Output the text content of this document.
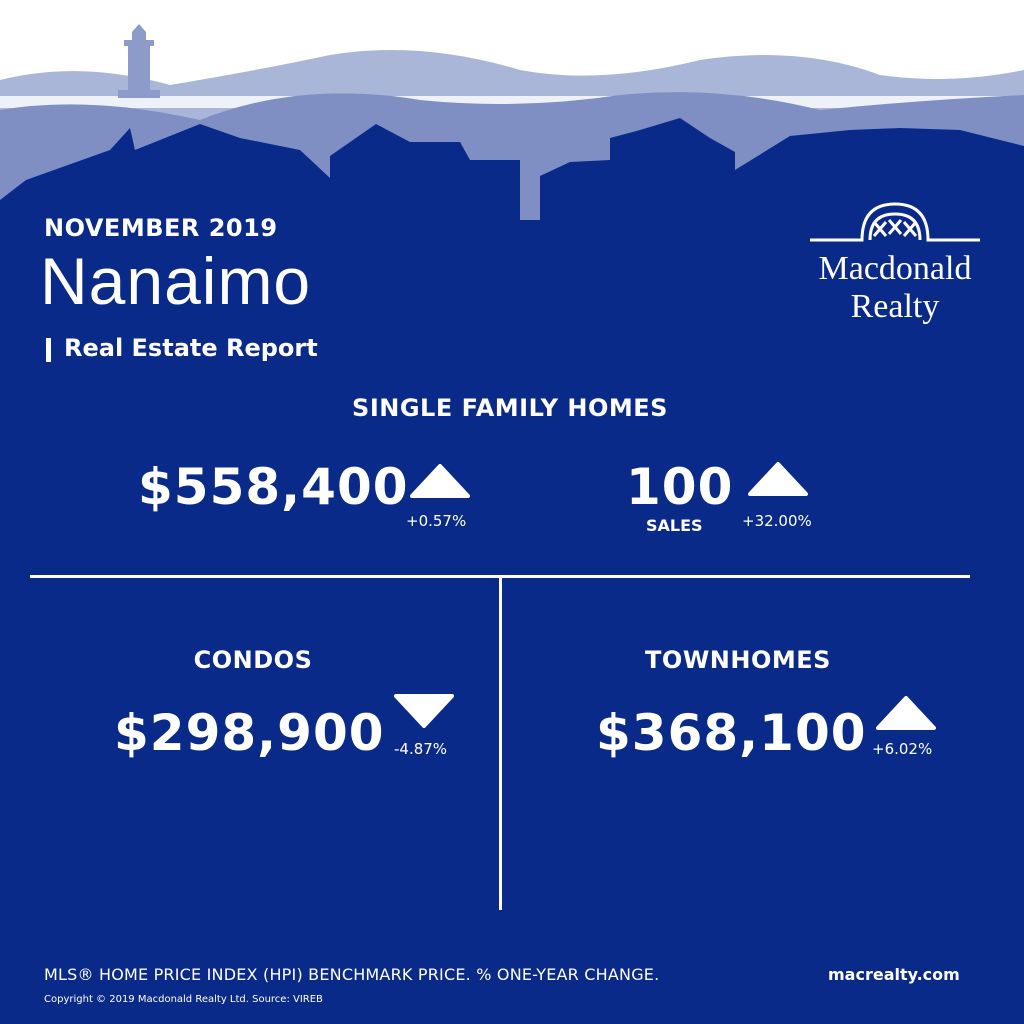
NOVEMBER 2019
Nanaimo
Real Estate Report
Macdonald
Realty
SINGLE FAMILY HOMES
$558,400
+0.57%
100
SALES	+32.00%
CONDOS
$298,900 -4.87%
TOWNHOMES
$368,100 +6.02%
MLS® HOME PRICE INDEX (HPI) BENCHMARK PRICE. % ONE-YEAR CHANGE.
Copyright © 2019 Macdonald Realty Ltd. Source: VIREB
macrealty.com
